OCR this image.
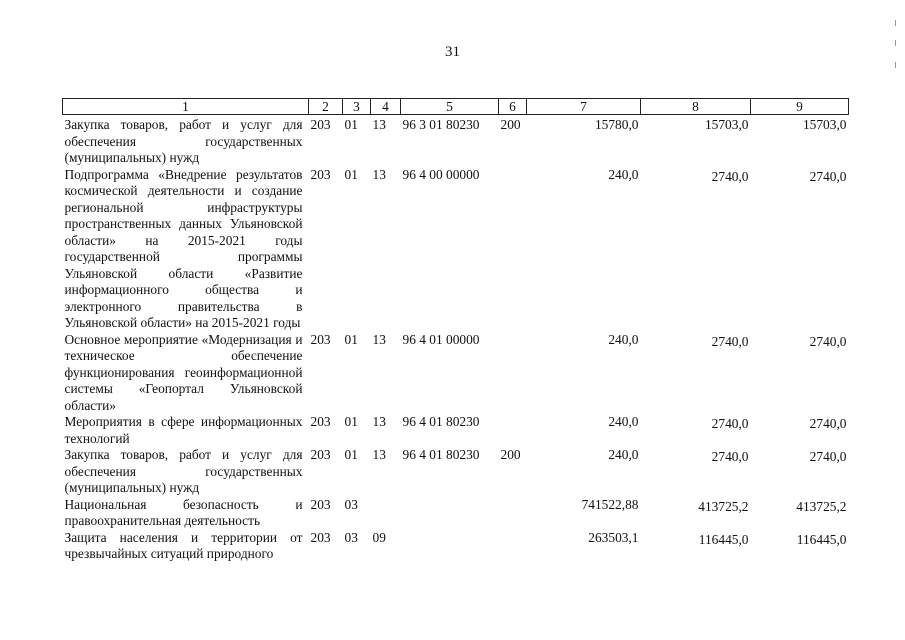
31
1	2	3	4	5	6	7	8	9
Закупка товаров, работ и услуг для обеспечения государственных (муниципальных) нужд	203	01	13	96 3 01 80230	200	15780,0	15703,0	15703,0
Подпрограмма «Внедрение результатов космической деятельности и создание региональной инфраструктуры пространственных данных Ульяновской области» на 2015-2021 годы государственной программы Ульяновской области «Развитие информационного общества и электронного правительства в Ульяновской области» на 2015-2021 годы	203	01	13	96 4 00 00000		240,0	2740,0	2740,0
Основное мероприятие «Модернизация и техническое обеспечение функционирования геоинформационной системы «Геопортал Ульяновской области»	203	01	13	96 4 01 00000		240,0	2740,0	2740,0
Мероприятия в сфере информационных технологий	203	01	13	96 4 01 80230		240,0	2740,0	2740,0
Закупка товаров, работ и услуг для обеспечения государственных (муниципальных) нужд	203	01	13	96 4 01 80230	200	240,0	2740,0	2740,0
Национальная безопасность и правоохранительная деятельность	203	03				741522,88	413725,2	413725,2
Защита населения и территории от чрезвычайных ситуаций природного	203	03	09			263503,1	116445,0	116445,0
